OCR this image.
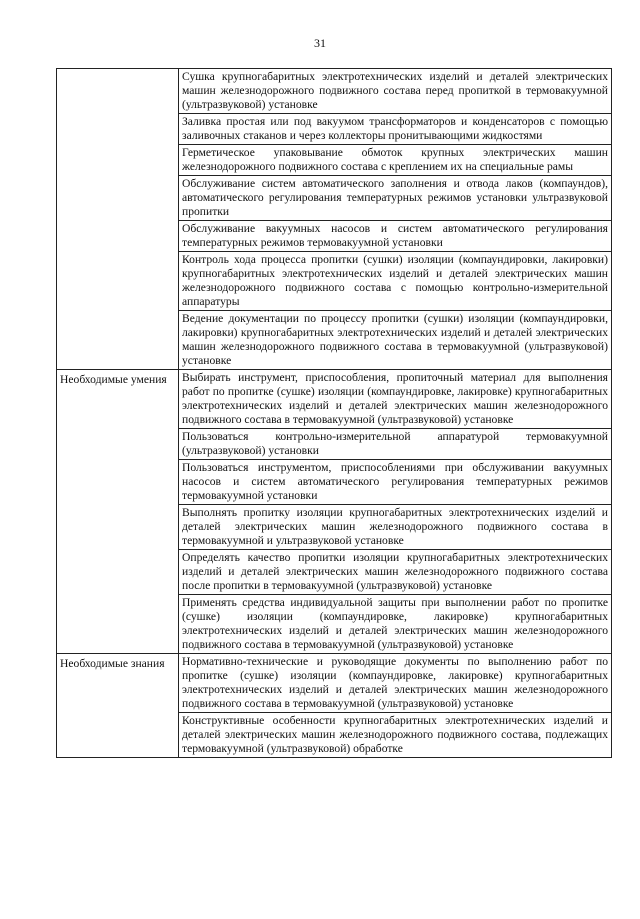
31
	Сушка крупногабаритных электротехнических изделий и деталей электрических машин железнодорожного подвижного состава перед пропиткой в термовакуумной (ультразвуковой) установке
	Заливка простая или под вакуумом трансформаторов и конденсаторов с помощью заливочных стаканов и через коллекторы пронитывающими жидкостями
	Герметическое упаковывание обмоток крупных электрических машин железнодорожного подвижного состава с креплением их на специальные рамы
	Обслуживание систем автоматического заполнения и отвода лаков (компаундов), автоматического регулирования температурных режимов установки ультразвуковой пропитки
	Обслуживание вакуумных насосов и систем автоматического регулирования температурных режимов термовакуумной установки
	Контроль хода процесса пропитки (сушки) изоляции (компаундировки, лакировки) крупногабаритных электротехнических изделий и деталей электрических машин железнодорожного подвижного состава с помощью контрольно-измерительной аппаратуры
	Ведение документации по процессу пропитки (сушки) изоляции (компаундировки, лакировки) крупногабаритных электротехнических изделий и деталей электрических машин железнодорожного подвижного состава в термовакуумной (ультразвуковой) установке
Необходимые умения	Выбирать инструмент, приспособления, пропиточный материал для выполнения работ по пропитке (сушке) изоляции (компаундировке, лакировке) крупногабаритных электротехнических изделий и деталей электрических машин железнодорожного подвижного состава в термовакуумной (ультразвуковой) установке
	Пользоваться контрольно-измерительной аппаратурой термовакуумной (ультразвуковой) установки
	Пользоваться инструментом, приспособлениями при обслуживании вакуумных насосов и систем автоматического регулирования температурных режимов термовакуумной установки
	Выполнять пропитку изоляции крупногабаритных электротехнических изделий и деталей электрических машин железнодорожного подвижного состава в термовакуумной и ультразвуковой установке
	Определять качество пропитки изоляции крупногабаритных электротехнических изделий и деталей электрических машин железнодорожного подвижного состава после пропитки в термовакуумной (ультразвуковой) установке
	Применять средства индивидуальной защиты при выполнении работ по пропитке (сушке) изоляции (компаундировке, лакировке) крупногабаритных электротехнических изделий и деталей электрических машин железнодорожного подвижного состава в термовакуумной (ультразвуковой) установке
Необходимые знания	Нормативно-технические и руководящие документы по выполнению работ по пропитке (сушке) изоляции (компаундировке, лакировке) крупногабаритных электротехнических изделий и деталей электрических машин железнодорожного подвижного состава в термовакуумной (ультразвуковой) установке
	Конструктивные особенности крупногабаритных электротехнических изделий и деталей электрических машин железнодорожного подвижного состава, подлежащих термовакуумной (ультразвуковой) обработке
